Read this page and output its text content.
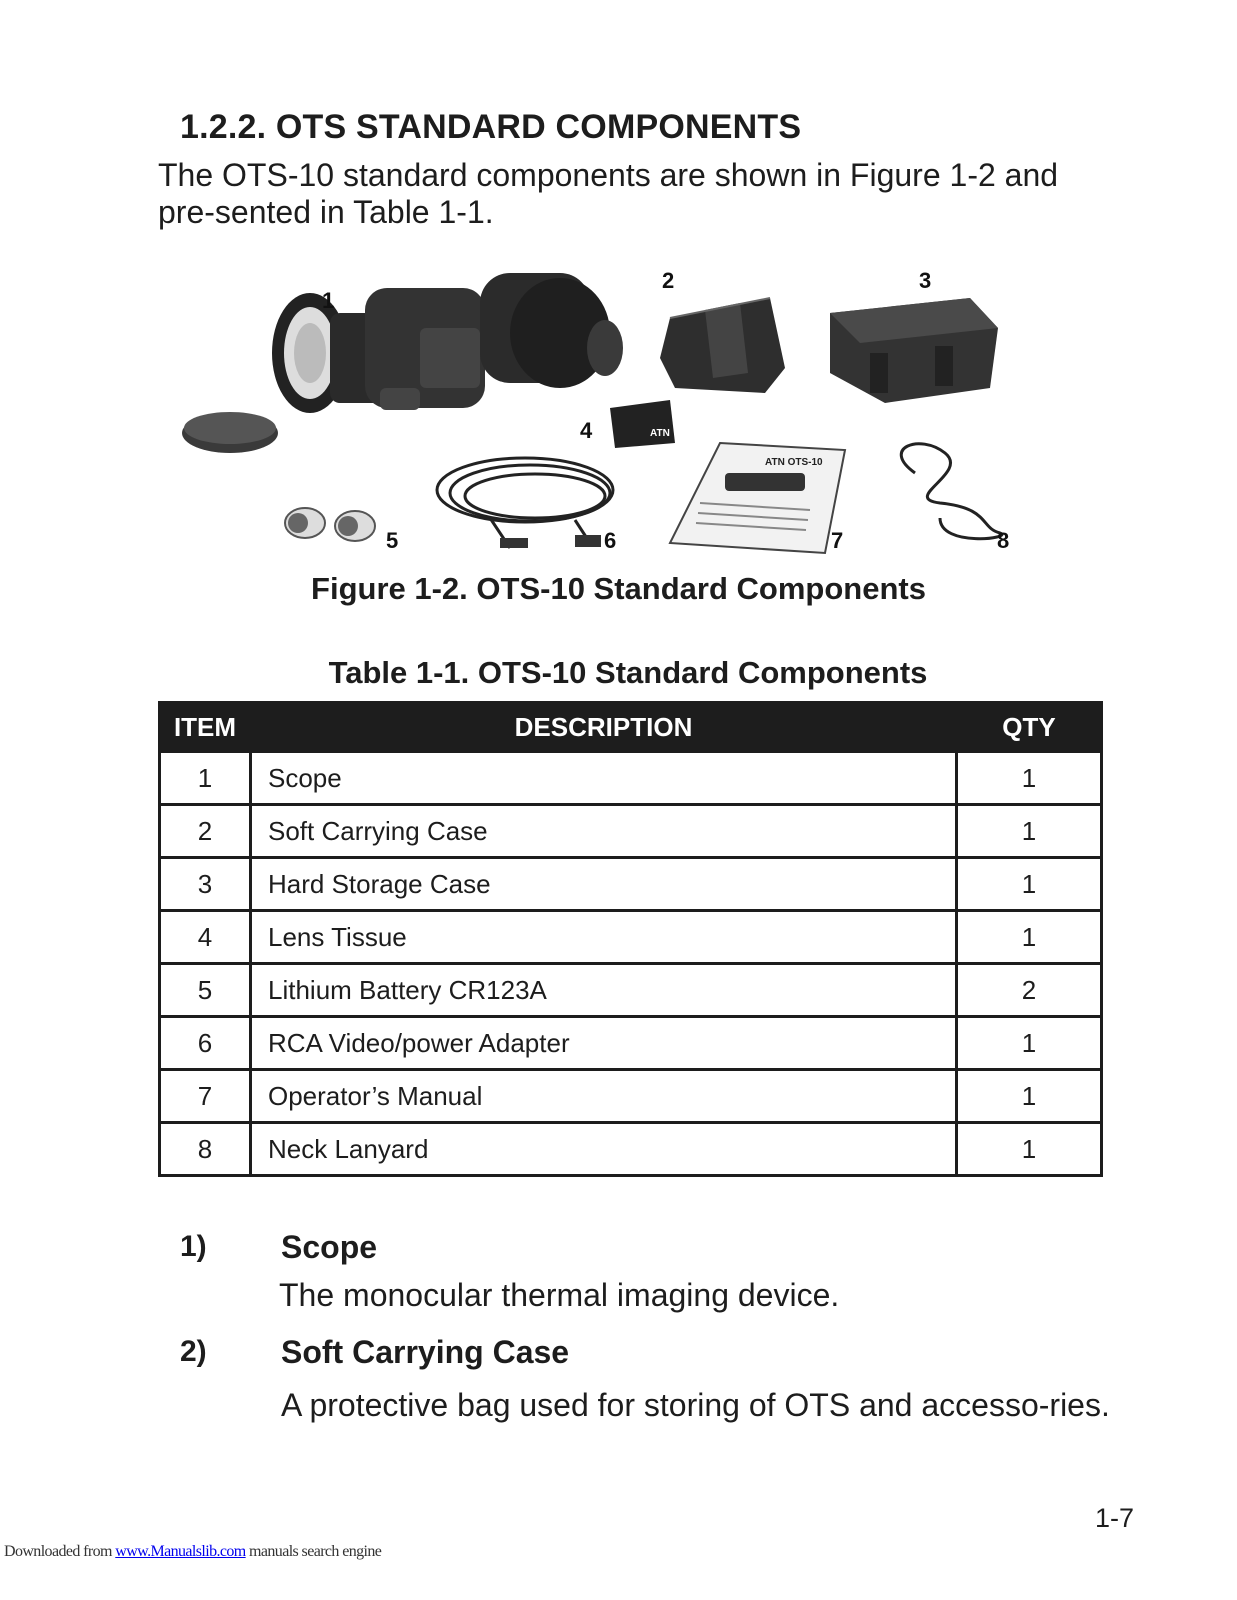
1.2.2. OTS STANDARD COMPONENTS
The OTS-10 standard components are shown in Figure 1-2 and pre-sented in Table 1-1.
ATN
ATN OTS-10
1
2	3
4
5	6	7	8
Figure 1-2. OTS-10 Standard Components
Table 1-1. OTS-10 Standard Components
ITEM	DESCRIPTION	QTY
1	Scope	1
2	Soft Carrying Case	1
3	Hard Storage Case	1
4	Lens Tissue	1
5	Lithium Battery CR123A	2
6	RCA Video/power Adapter	1
7	Operator’s Manual	1
8	Neck Lanyard	1
1) Scope
The monocular thermal imaging device.
2) Soft Carrying Case
A protective bag used for storing of OTS and accesso-ries.
1-7
Downloaded from www.Manualslib.com manuals search engine
